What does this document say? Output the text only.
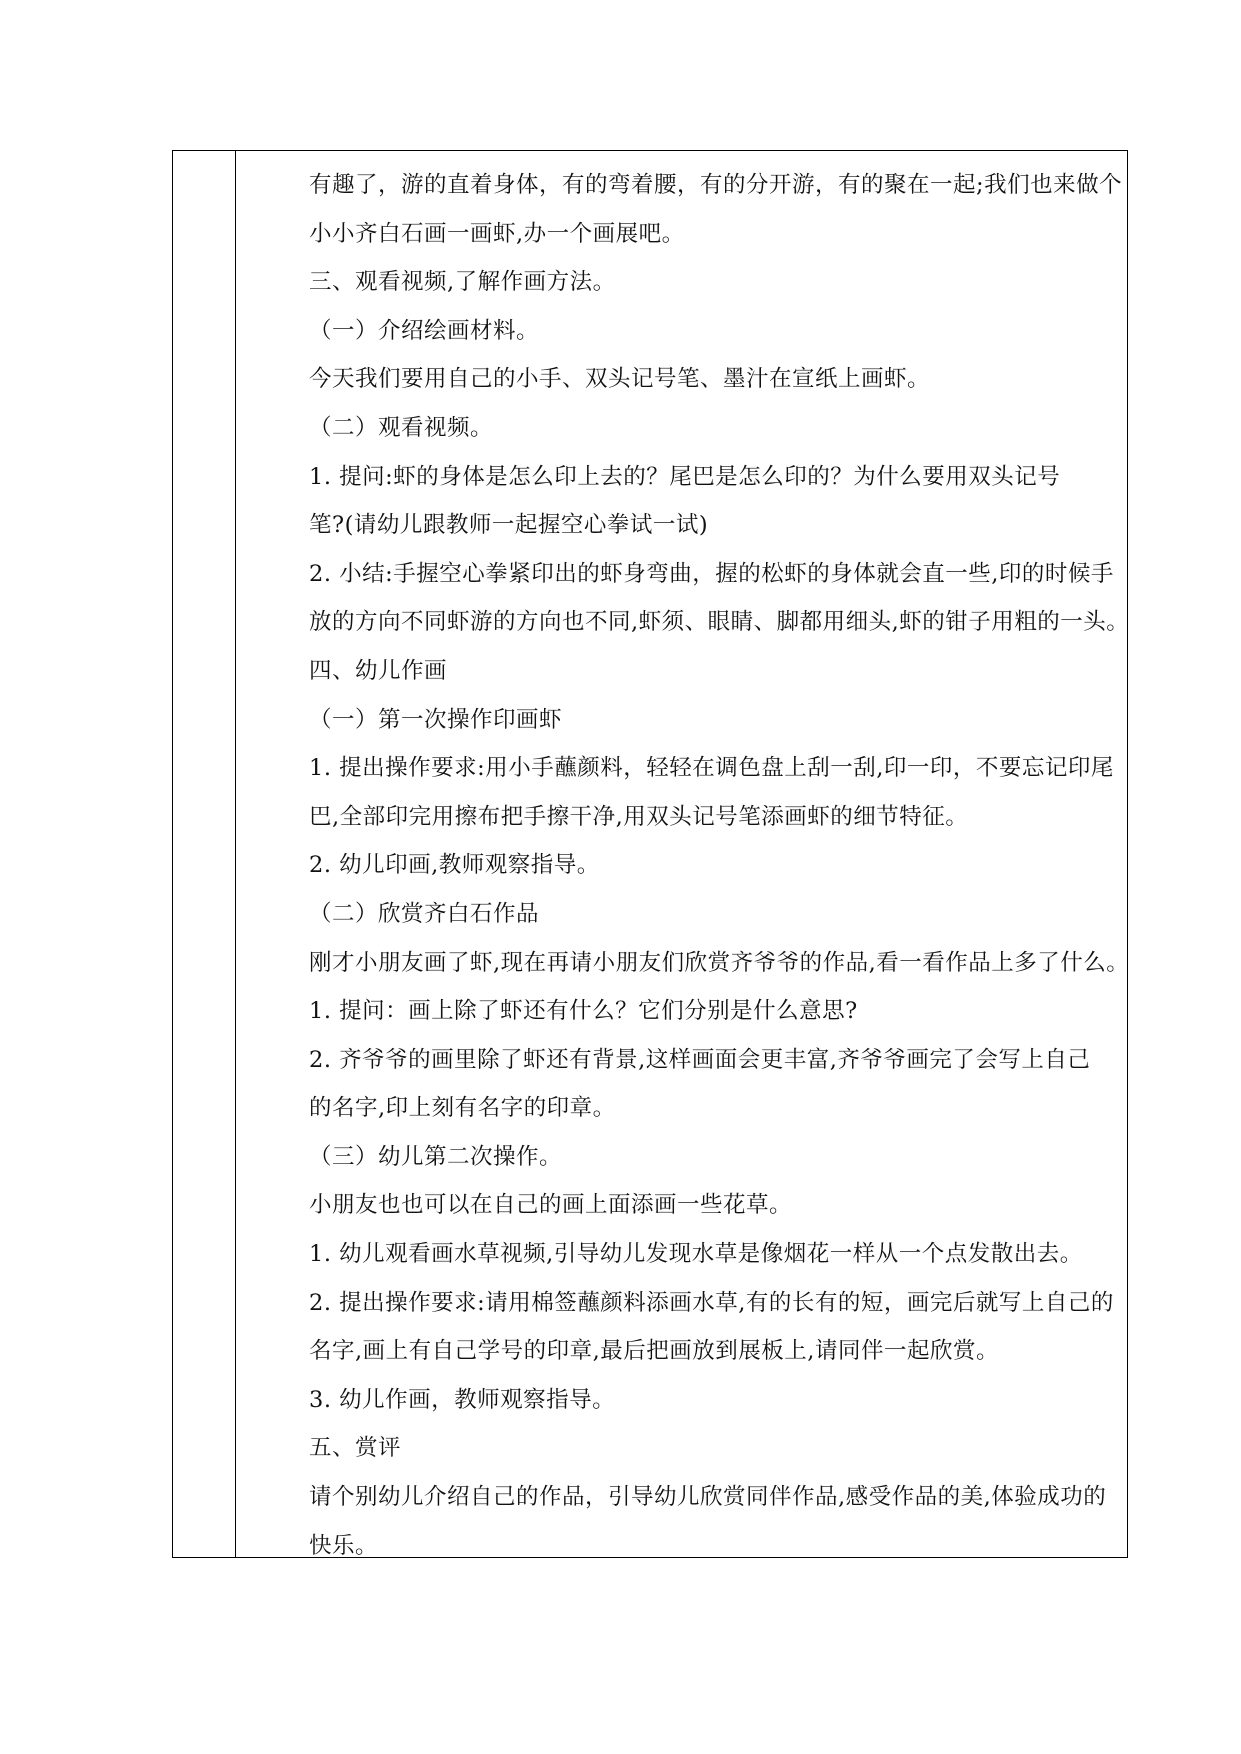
有趣了，游的直着身体，有的弯着腰，有的分开游，有的聚在一起;我们也来做个
小小齐白石画一画虾,办一个画展吧。
三、观看视频,了解作画方法。
（一）介绍绘画材料。
今天我们要用自己的小手、双头记号笔、墨汁在宣纸上画虾。
（二）观看视频。
1. 提问:虾的身体是怎么印上去的？尾巴是怎么印的？为什么要用双头记号
笔?(请幼儿跟教师一起握空心拳试一试)
2. 小结:手握空心拳紧印出的虾身弯曲，握的松虾的身体就会直一些,印的时候手
放的方向不同虾游的方向也不同,虾须、眼睛、脚都用细头,虾的钳子用粗的一头。
四、幼儿作画
（一）第一次操作印画虾
1. 提出操作要求:用小手蘸颜料，轻轻在调色盘上刮一刮,印一印，不要忘记印尾
巴,全部印完用擦布把手擦干净,用双头记号笔添画虾的细节特征。
2. 幼儿印画,教师观察指导。
（二）欣赏齐白石作品
刚才小朋友画了虾,现在再请小朋友们欣赏齐爷爷的作品,看一看作品上多了什么。
1. 提问：画上除了虾还有什么？它们分别是什么意思?
2. 齐爷爷的画里除了虾还有背景,这样画面会更丰富,齐爷爷画完了会写上自己
的名字,印上刻有名字的印章。
（三）幼儿第二次操作。
小朋友也也可以在自己的画上面添画一些花草。
1. 幼儿观看画水草视频,引导幼儿发现水草是像烟花一样从一个点发散出去。
2. 提出操作要求:请用棉签蘸颜料添画水草,有的长有的短，画完后就写上自己的
名字,画上有自己学号的印章,最后把画放到展板上,请同伴一起欣赏。
3. 幼儿作画，教师观察指导。
五、赏评
请个别幼儿介绍自己的作品，引导幼儿欣赏同伴作品,感受作品的美,体验成功的
快乐。
